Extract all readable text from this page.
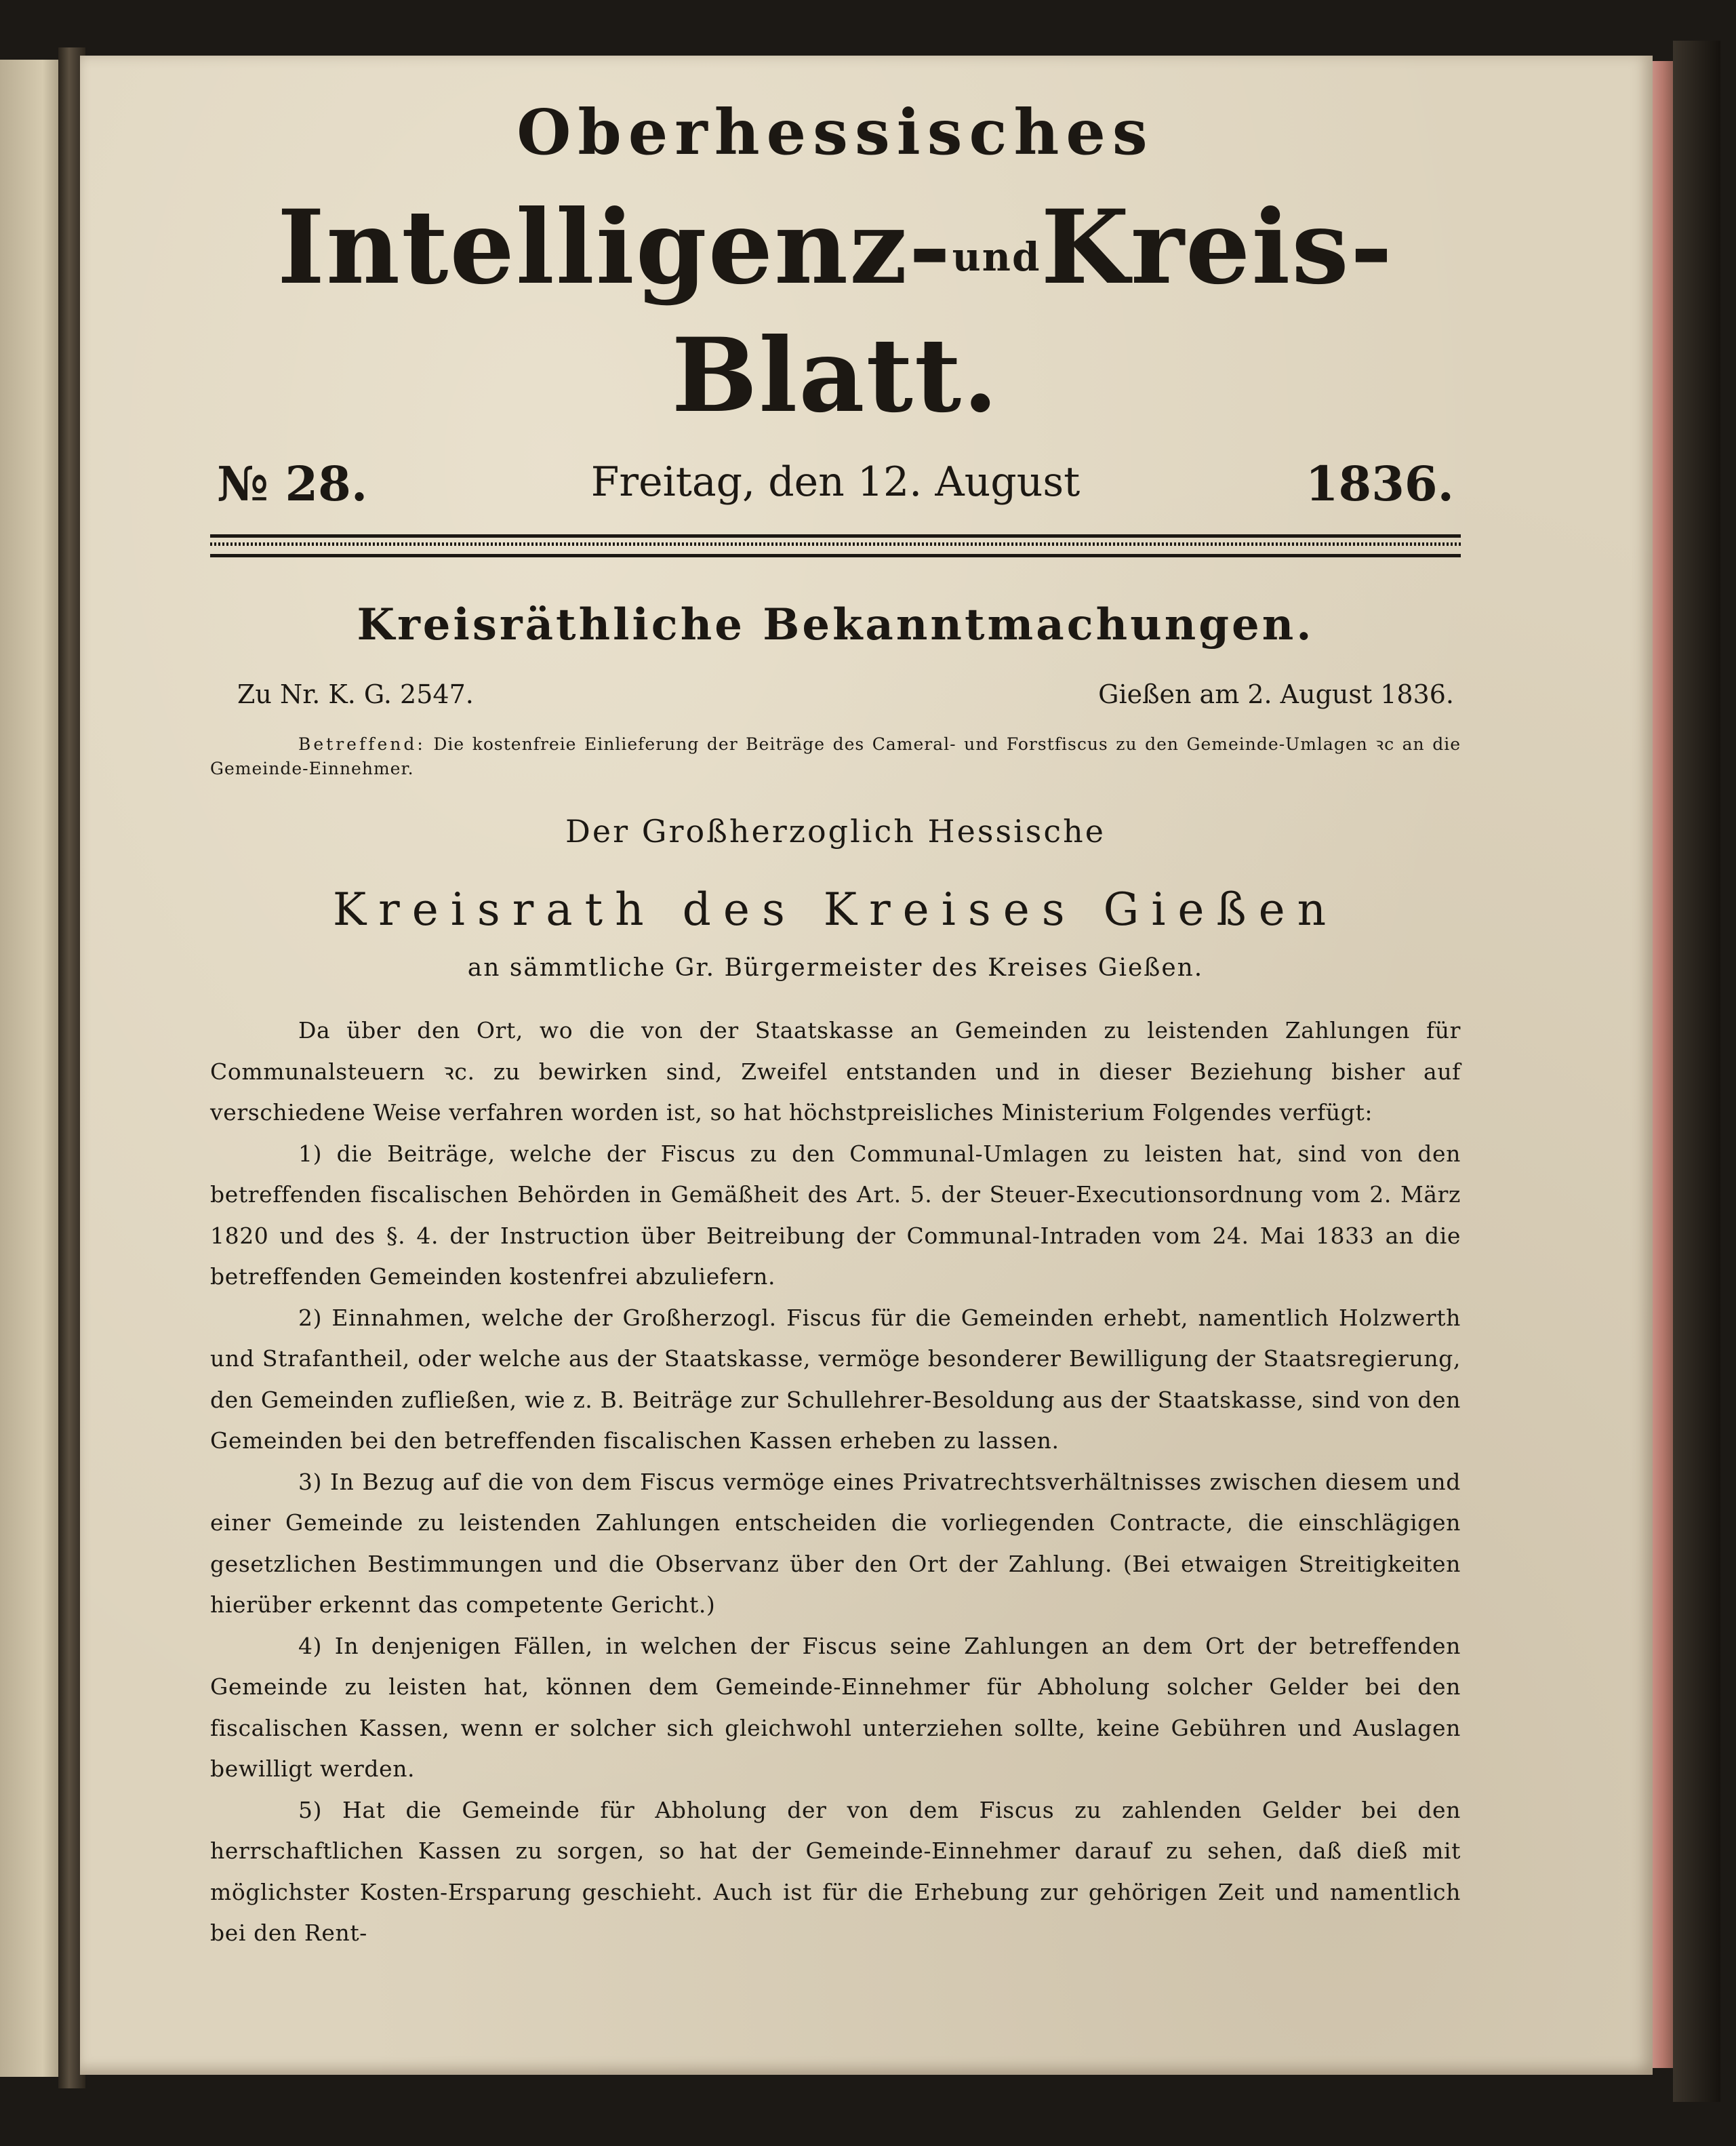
Oberhessisches
Intelligenz-undKreis-Blatt.
№ 28.	Freitag, den 12. August	1836.
Kreisräthliche Bekanntmachungen.
Zu Nr. K. G. 2547.	Gießen am 2. August 1836.
Betreffend: Die kostenfreie Einlieferung der Beiträge des Cameral- und Forstfiscus zu den Gemeinde-Umlagen ꝛc an die Gemeinde-Einnehmer.
Der Großherzoglich Hessische
Kreisrath des Kreises Gießen
an sämmtliche Gr. Bürgermeister des Kreises Gießen.

Da über den Ort, wo die von der Staatskasse an Gemeinden zu leistenden Zahlungen für Communalsteuern ꝛc. zu bewirken sind, Zweifel entstanden und in dieser Beziehung bisher auf verschiedene Weise verfahren worden ist, so hat höchstpreisliches Ministerium Folgendes verfügt:

1) die Beiträge, welche der Fiscus zu den Communal-Umlagen zu leisten hat, sind von den betreffenden fiscalischen Behörden in Gemäßheit des Art. 5. der Steuer-Executionsordnung vom 2. März 1820 und des §. 4. der Instruction über Beitreibung der Communal-Intraden vom 24. Mai 1833 an die betreffenden Gemeinden kostenfrei abzuliefern.

2) Einnahmen, welche der Großherzogl. Fiscus für die Gemeinden erhebt, namentlich Holzwerth und Strafantheil, oder welche aus der Staatskasse, vermöge besonderer Bewilligung der Staatsregierung, den Gemeinden zufließen, wie z. B. Beiträge zur Schullehrer-Besoldung aus der Staatskasse, sind von den Gemeinden bei den betreffenden fiscalischen Kassen erheben zu lassen.

3) In Bezug auf die von dem Fiscus vermöge eines Privatrechtsverhältnisses zwischen diesem und einer Gemeinde zu leistenden Zahlungen entscheiden die vorliegenden Contracte, die einschlägigen gesetzlichen Bestimmungen und die Observanz über den Ort der Zahlung. (Bei etwaigen Streitigkeiten hierüber erkennt das competente Gericht.)

4) In denjenigen Fällen, in welchen der Fiscus seine Zahlungen an dem Ort der betreffenden Gemeinde zu leisten hat, können dem Gemeinde-Einnehmer für Abholung solcher Gelder bei den fiscalischen Kassen, wenn er solcher sich gleichwohl unterziehen sollte, keine Gebühren und Auslagen bewilligt werden.

5) Hat die Gemeinde für Abholung der von dem Fiscus zu zahlenden Gelder bei den herrschaftlichen Kassen zu sorgen, so hat der Gemeinde-Einnehmer darauf zu sehen, daß dieß mit möglichster Kosten-Ersparung geschieht. Auch ist für die Erhebung zur gehörigen Zeit und namentlich bei den Rent-
